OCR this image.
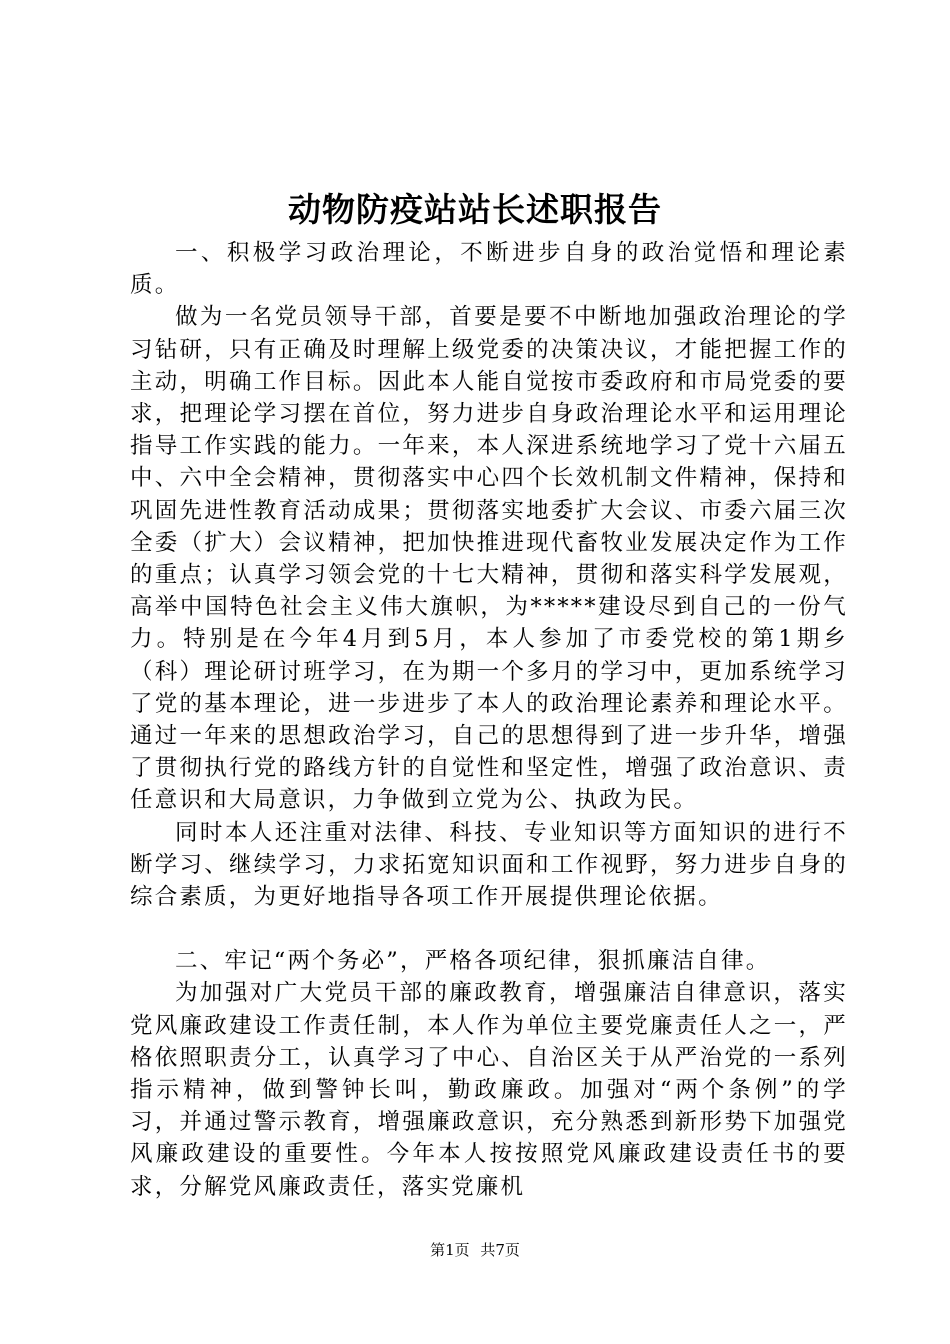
动物防疫站站长述职报告

一、积极学习政治理论，不断进步自身的政治觉悟和理论素质。

做为一名党员领导干部，首要是要不中断地加强政治理论的学习钻研，只有正确及时理解上级党委的决策决议，才能把握工作的主动，明确工作目标。因此本人能自觉按市委政府和市局党委的要求，把理论学习摆在首位，努力进步自身政治理论水平和运用理论指导工作实践的能力。一年来，本人深进系统地学习了党十六届五中、六中全会精神，贯彻落实中心四个长效机制文件精神，保持和巩固先进性教育活动成果；贯彻落实地委扩大会议、市委六届三次全委（扩大）会议精神，把加快推进现代畜牧业发展决定作为工作的重点；认真学习领会党的十七大精神，贯彻和落实科学发展观，高举中国特色社会主义伟大旗帜，为*****建设尽到自己的一份气力。特别是在今年4月到5月，本人参加了市委党校的第1期乡（科）理论研讨班学习，在为期一个多月的学习中，更加系统学习了党的基本理论，进一步进步了本人的政治理论素养和理论水平。通过一年来的思想政治学习，自己的思想得到了进一步升华，增强了贯彻执行党的路线方针的自觉性和坚定性，增强了政治意识、责任意识和大局意识，力争做到立党为公、执政为民。

同时本人还注重对法律、科技、专业知识等方面知识的进行不断学习、继续学习，力求拓宽知识面和工作视野，努力进步自身的综合素质，为更好地指导各项工作开展提供理论依据。

二、牢记“两个务必”，严格各项纪律，狠抓廉洁自律。

为加强对广大党员干部的廉政教育，增强廉洁自律意识，落实党风廉政建设工作责任制，本人作为单位主要党廉责任人之一，严格依照职责分工，认真学习了中心、自治区关于从严治党的一系列指示精神，做到警钟长叫，勤政廉政。加强对“两个条例”的学习，并通过警示教育，增强廉政意识，充分熟悉到新形势下加强党风廉政建设的重要性。今年本人按按照党风廉政建设责任书的要求，分解党风廉政责任，落实党廉机

第1页 共7页
